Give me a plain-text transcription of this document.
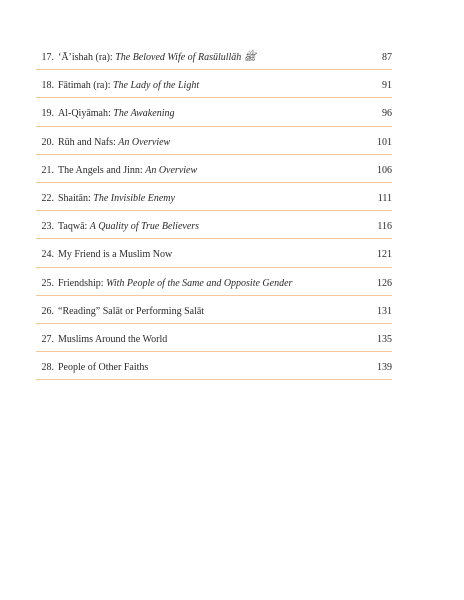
17. ‘Ā’ishah (ra): The Beloved Wife of Rasūlullāh ﷺ	87
18. Fātimah (ra): The Lady of the Light	91
19. Al-Qiyāmah: The Awakening	96
20. Rūh and Nafs: An Overview	101
21. The Angels and Jinn: An Overview	106
22. Shaitān: The Invisible Enemy	111
23. Taqwā: A Quality of True Believers	116
24. My Friend is a Muslim Now	121
25. Friendship: With People of the Same and Opposite Gender	126
26. “Reading” Salāt or Performing Salāt	131
27. Muslims Around the World	135
28. People of Other Faiths	139
